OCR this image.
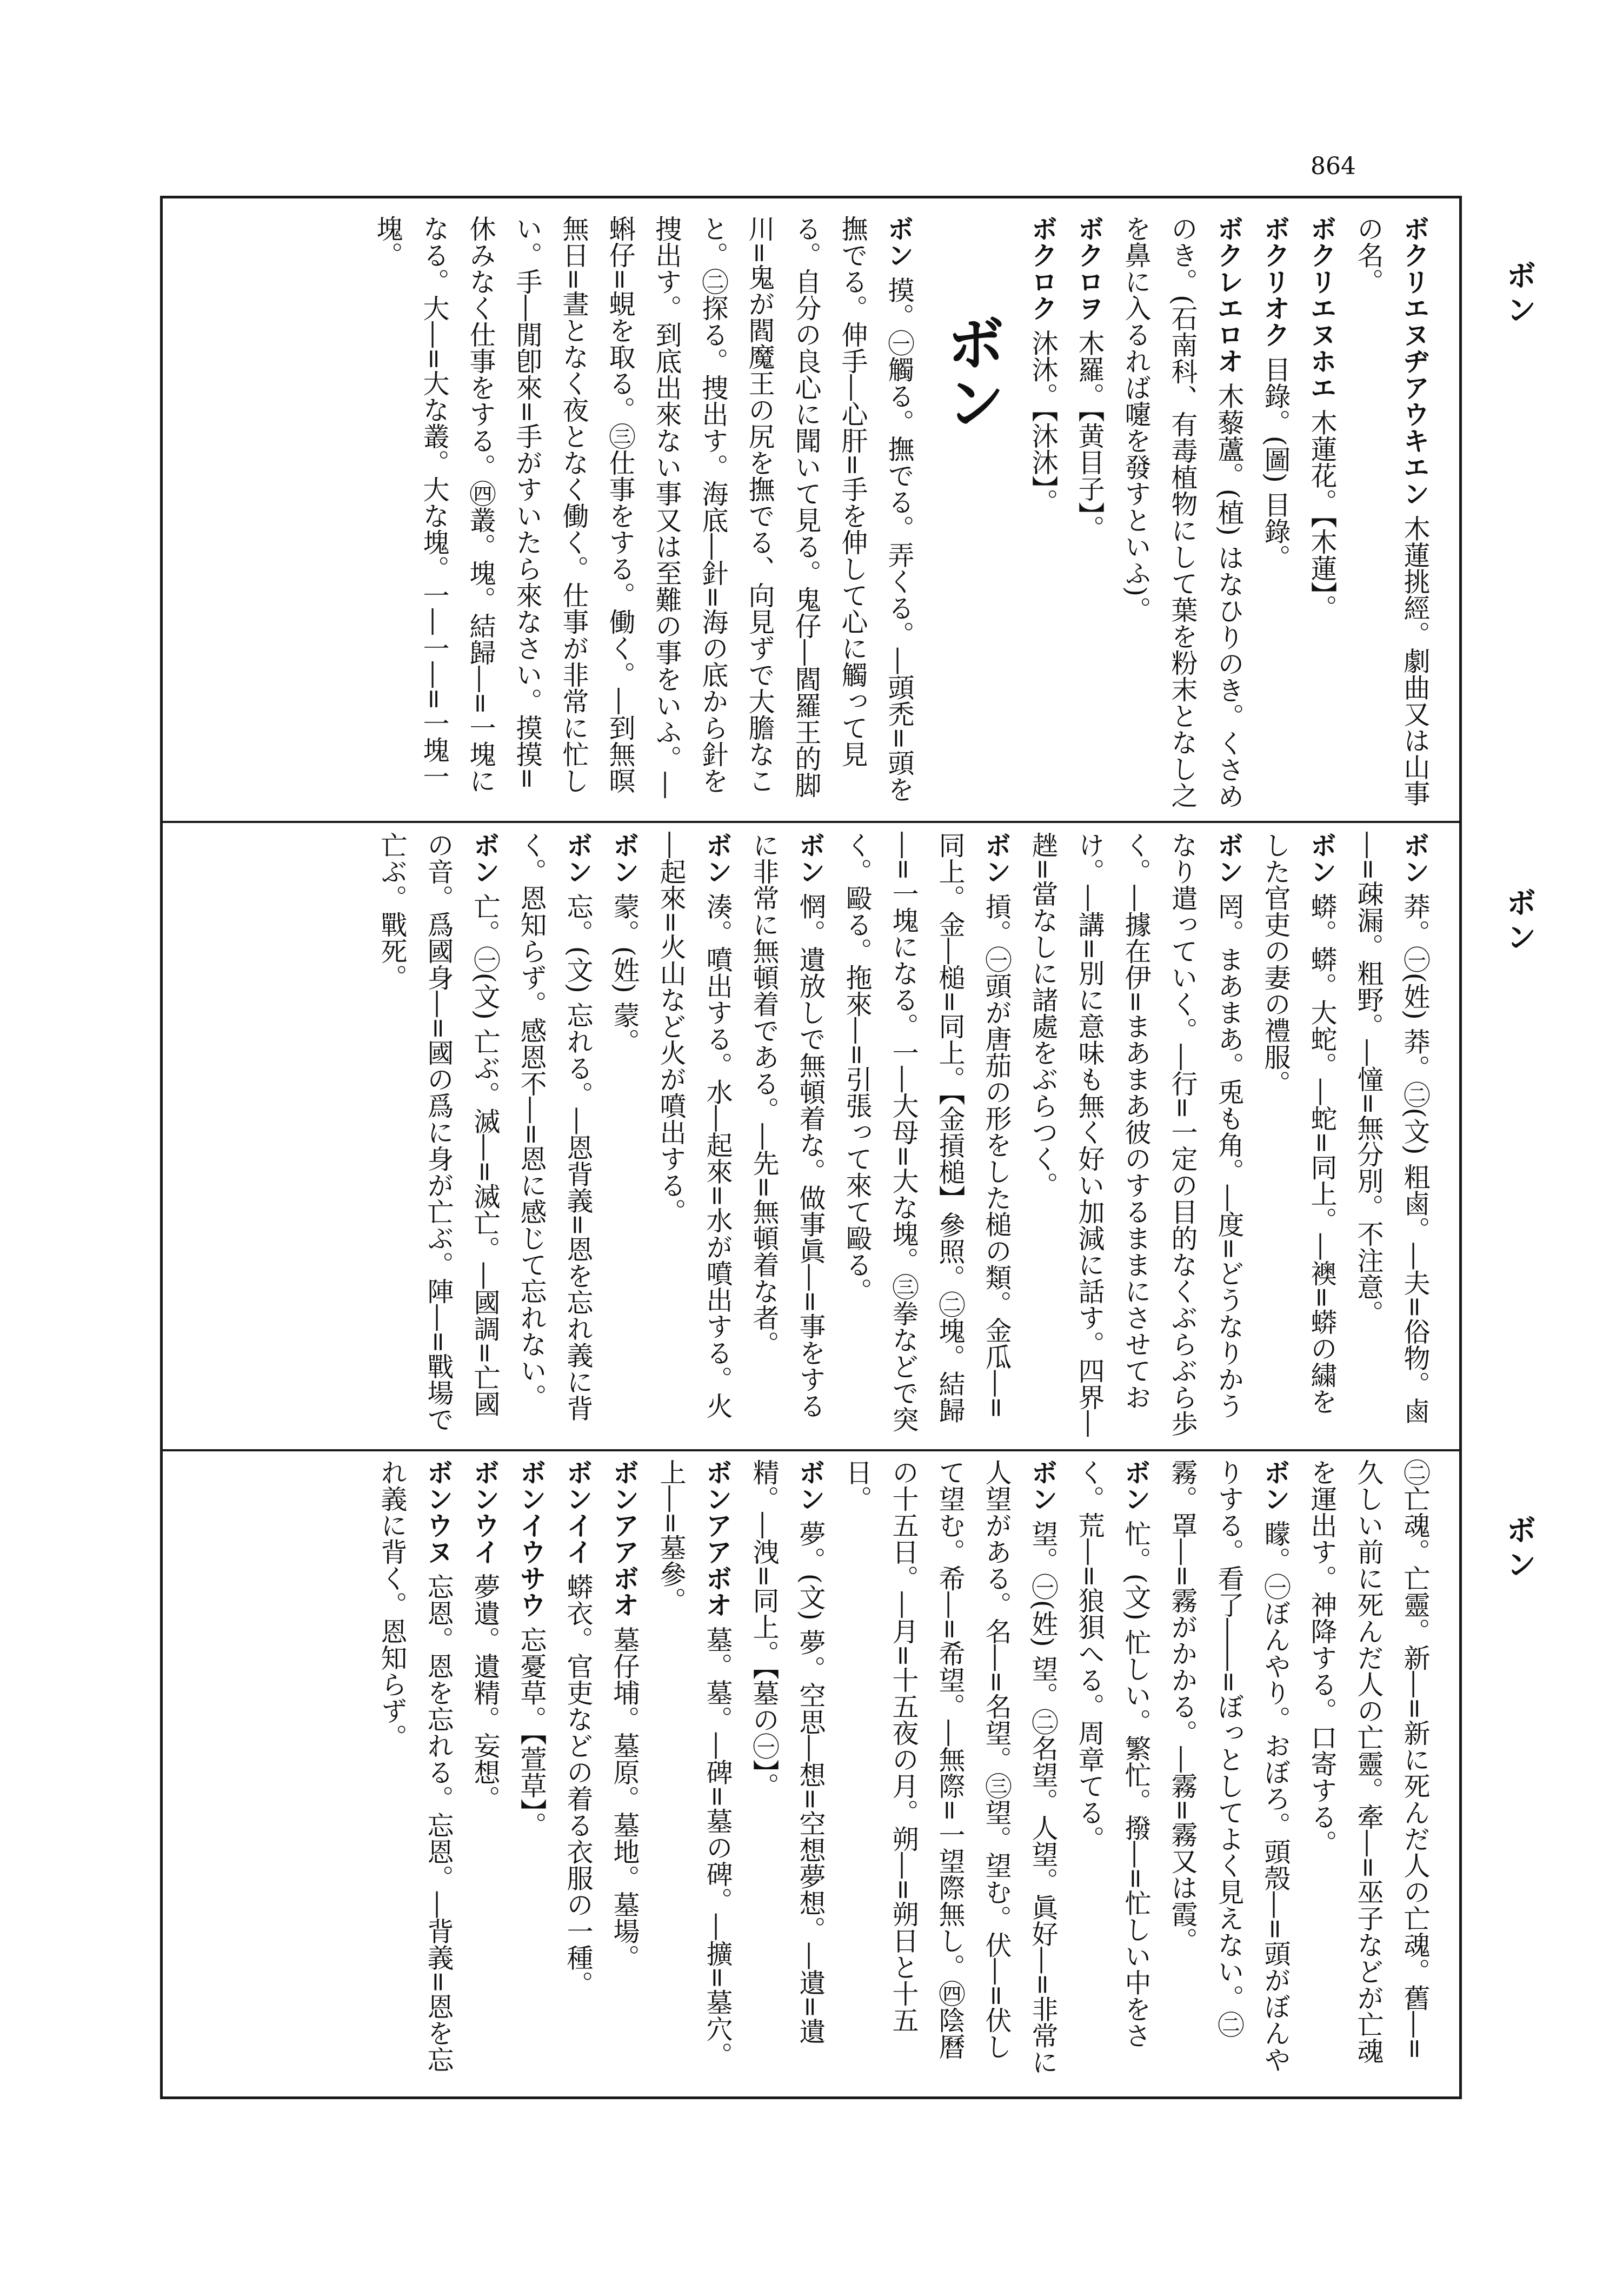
864
ボン
ボン
ボン
ボクリエヌヂアウキエン 木蓮挑經。劇曲又は山事の名。
ボクリエヌホエ 木蓮花。【木蓮】。
ボクリオク 目錄。(圖) 目錄。
ボクレエロオ 木藜蘆。(植) はなひりのき。くさめのき。(石南科、有毒植物にして葉を粉末となし之を鼻に入るれば嚔を發すといふ)。
ボクロヲ 木羅。【黄目子】。
ボクロク 沐沐。【沐沐】。
ボン
ボン 摸。㊀觸る。撫でる。弄くる。―頭禿=頭を撫でる。伸手―心肝=手を伸して心に觸って見る。自分の良心に聞いて見る。鬼仔―閻羅王的脚川=鬼が閻魔王の尻を撫でる、向見ずで大膽なこと。㊁探る。捜出す。海底―針=海の底から針を捜出す。到底出來ない事又は至難の事をいふ。―蝌仔=蜆を取る。㊂仕事をする。働く。―到無暝無日=晝となく夜となく働く。仕事が非常に忙しい。手―閒卽來=手がすいたら來なさい。摸摸=休みなく仕事をする。㊃叢。塊。結歸―=一塊になる。大―=大な叢。大な塊。一―一―=一塊一塊。
ボン 莽。㊀(姓) 莽。㊁(文) 粗鹵。―夫=俗物。鹵―=疎漏。粗野。―憧=無分別。不注意。
ボン 蟒。蟒。大蛇。―蛇=同上。―襖=蟒の繍をした官吏の妻の禮服。
ボン 罔。まあまあ。兎も角。―度=どうなりかうなり遣っていく。―行=一定の目的なくぶらぶら歩く。―據在伊=まあまあ彼のするままにさせておけ。―講=別に意味も無く好い加減に話す。四界―趖=當なしに諸處をぶらつく。
ボン 摃。㊀頭が唐茄の形をした槌の類。金瓜―=同上。金―槌=同上。【金摃槌】參照。㊁塊。結歸―=一塊になる。一―大母=大な塊。㊂拳などで突く。毆る。拖來―=引張って來て毆る。
ボン 惘。遺放しで無頓着な。做事眞―=事をするに非常に無頓着である。―先=無頓着な者。
ボン 湊。噴出する。水―起來=水が噴出する。火―起來=火山など火が噴出する。
ボン 蒙。(姓) 蒙。
ボン 忘。(文) 忘れる。―恩背義=恩を忘れ義に背く。恩知らず。感恩不―=恩に感じて忘れない。
ボン 亡。㊀(文) 亡ぶ。滅―=滅亡。―國調=亡國の音。爲國身―=國の爲に身が亡ぶ。陣―=戰場で亡ぶ。戰死。
㊁亡魂。亡靈。新―=新に死んだ人の亡魂。舊―=久しい前に死んだ人の亡靈。牽―=巫子などが亡魂を運出す。神降する。口寄する。
ボン 矇。㊀ぼんやり。おぼろ。頭殼―=頭がぼんやりする。看了――=ぼっとしてよく見えない。㊁霧。罩―=霧がかかる。―霧=霧又は霞。
ボン 忙。(文) 忙しい。繁忙。撥―=忙しい中をさく。荒―=狼狽へる。周章てる。
ボン 望。㊀(姓) 望。㊁名望。人望。眞好―=非常に人望がある。名―=名望。㊂望。望む。伏―=伏して望む。希―=希望。―無際=一望際無し。㊃陰曆の十五日。―月=十五夜の月。朔―=朔日と十五日。
ボン 夢。(文) 夢。空思―想=空想夢想。―遺=遺精。―洩=同上。【墓の㊀】。
ボンアアボオ 墓。墓。―碑=墓の碑。―擴=墓穴。上―=墓參。
ボンアアボオ 墓仔埔。墓原。墓地。墓場。
ボンイイ 蟒衣。官吏などの着る衣服の一種。
ボンイウサウ 忘憂草。【萱草】。
ボンウイ 夢遺。遺精。妄想。
ボンウヌ 忘恩。恩を忘れる。忘恩。―背義=恩を忘れ義に背く。恩知らず。
